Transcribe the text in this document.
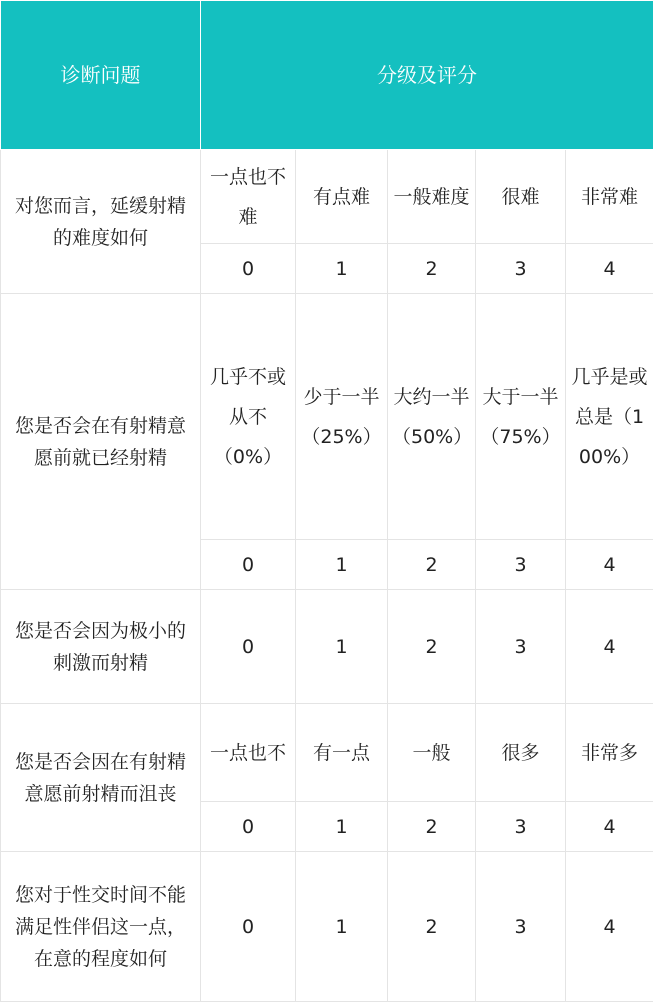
诊断问题	分级及评分				
对您而言，延缓射精的难度如何	一点也不难	有点难	一般难度	很难	非常难
	0	1	2	3	4
您是否会在有射精意愿前就已经射精	几乎不或从不（0%）	少于一半（25%）	大约一半（50%）	大于一半（75%）	几乎是或总是（100%）
	0	1	2	3	4
您是否会因为极小的刺激而射精	0	1	2	3	4
您是否会因在有射精意愿前射精而沮丧	一点也不	有一点	一般	很多	非常多
	0	1	2	3	4
您对于性交时间不能满足性伴侣这一点，在意的程度如何	0	1	2	3	4
